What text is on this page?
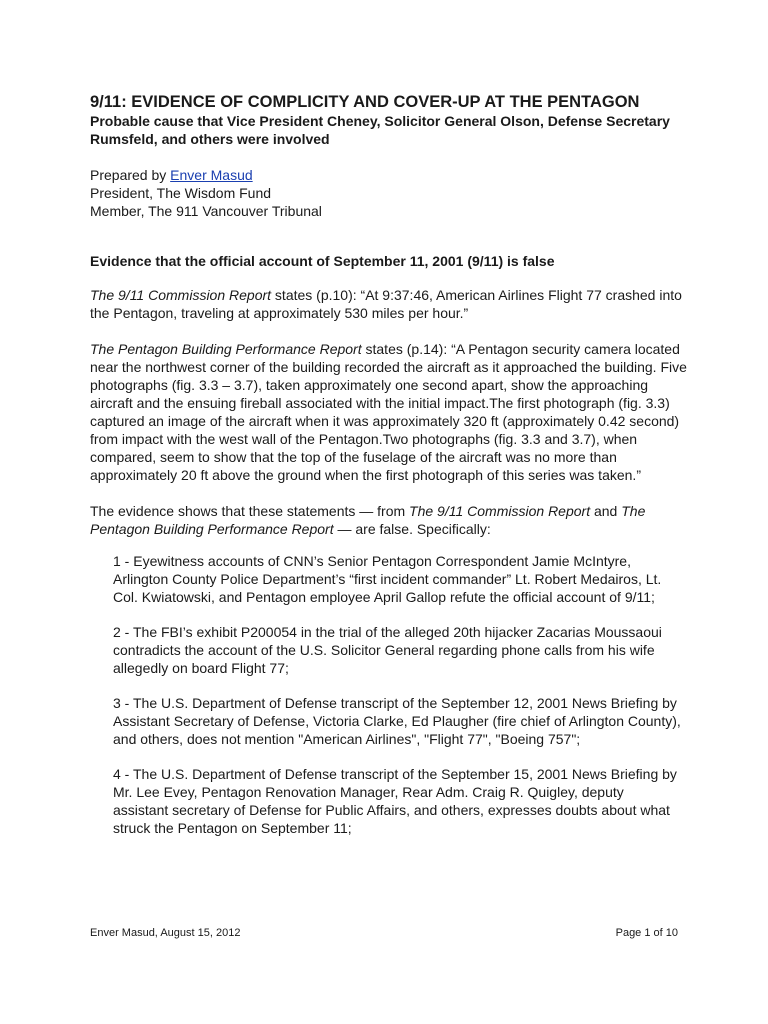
9/11: EVIDENCE OF COMPLICITY AND COVER-UP AT THE PENTAGON
Probable cause that Vice President Cheney, Solicitor General Olson, Defense Secretary Rumsfeld, and others were involved
Prepared by Enver Masud
President, The Wisdom Fund
Member, The 911 Vancouver Tribunal
Evidence that the official account of September 11, 2001 (9/11) is false

The 9/11 Commission Report states (p.10): “At 9:37:46, American Airlines Flight 77 crashed into the Pentagon, traveling at approximately 530 miles per hour.”

The Pentagon Building Performance Report states (p.14): “A Pentagon security camera located near the northwest corner of the building recorded the aircraft as it approached the building. Five photographs (fig. 3.3 – 3.7), taken approximately one second apart, show the approaching aircraft and the ensuing fireball associated with the initial impact.The first photograph (fig. 3.3) captured an image of the aircraft when it was approximately 320 ft (approximately 0.42 second) from impact with the west wall of the Pentagon.Two photographs (fig. 3.3 and 3.7), when compared, seem to show that the top of the fuselage of the aircraft was no more than approximately 20 ft above the ground when the first photograph of this series was taken.”

The evidence shows that these statements — from The 9/11 Commission Report and The Pentagon Building Performance Report — are false. Specifically:

1 - Eyewitness accounts of CNN’s Senior Pentagon Correspondent Jamie McIntyre, Arlington County Police Department’s “first incident commander” Lt. Robert Medairos, Lt. Col. Kwiatowski, and Pentagon employee April Gallop refute the official account of 9/11;
2 - The FBI’s exhibit P200054 in the trial of the alleged 20th hijacker Zacarias Moussaoui contradicts the account of the U.S. Solicitor General regarding phone calls from his wife allegedly on board Flight 77;
3 - The U.S. Department of Defense transcript of the September 12, 2001 News Briefing by Assistant Secretary of Defense, Victoria Clarke, Ed Plaugher (fire chief of Arlington County), and others, does not mention "American Airlines", "Flight 77", "Boeing 757";
4 - The U.S. Department of Defense transcript of the September 15, 2001 News Briefing by Mr. Lee Evey, Pentagon Renovation Manager, Rear Adm. Craig R. Quigley, deputy assistant secretary of Defense for Public Affairs, and others, expresses doubts about what struck the Pentagon on September 11;
Enver Masud, August 15, 2012	Page 1 of 10
